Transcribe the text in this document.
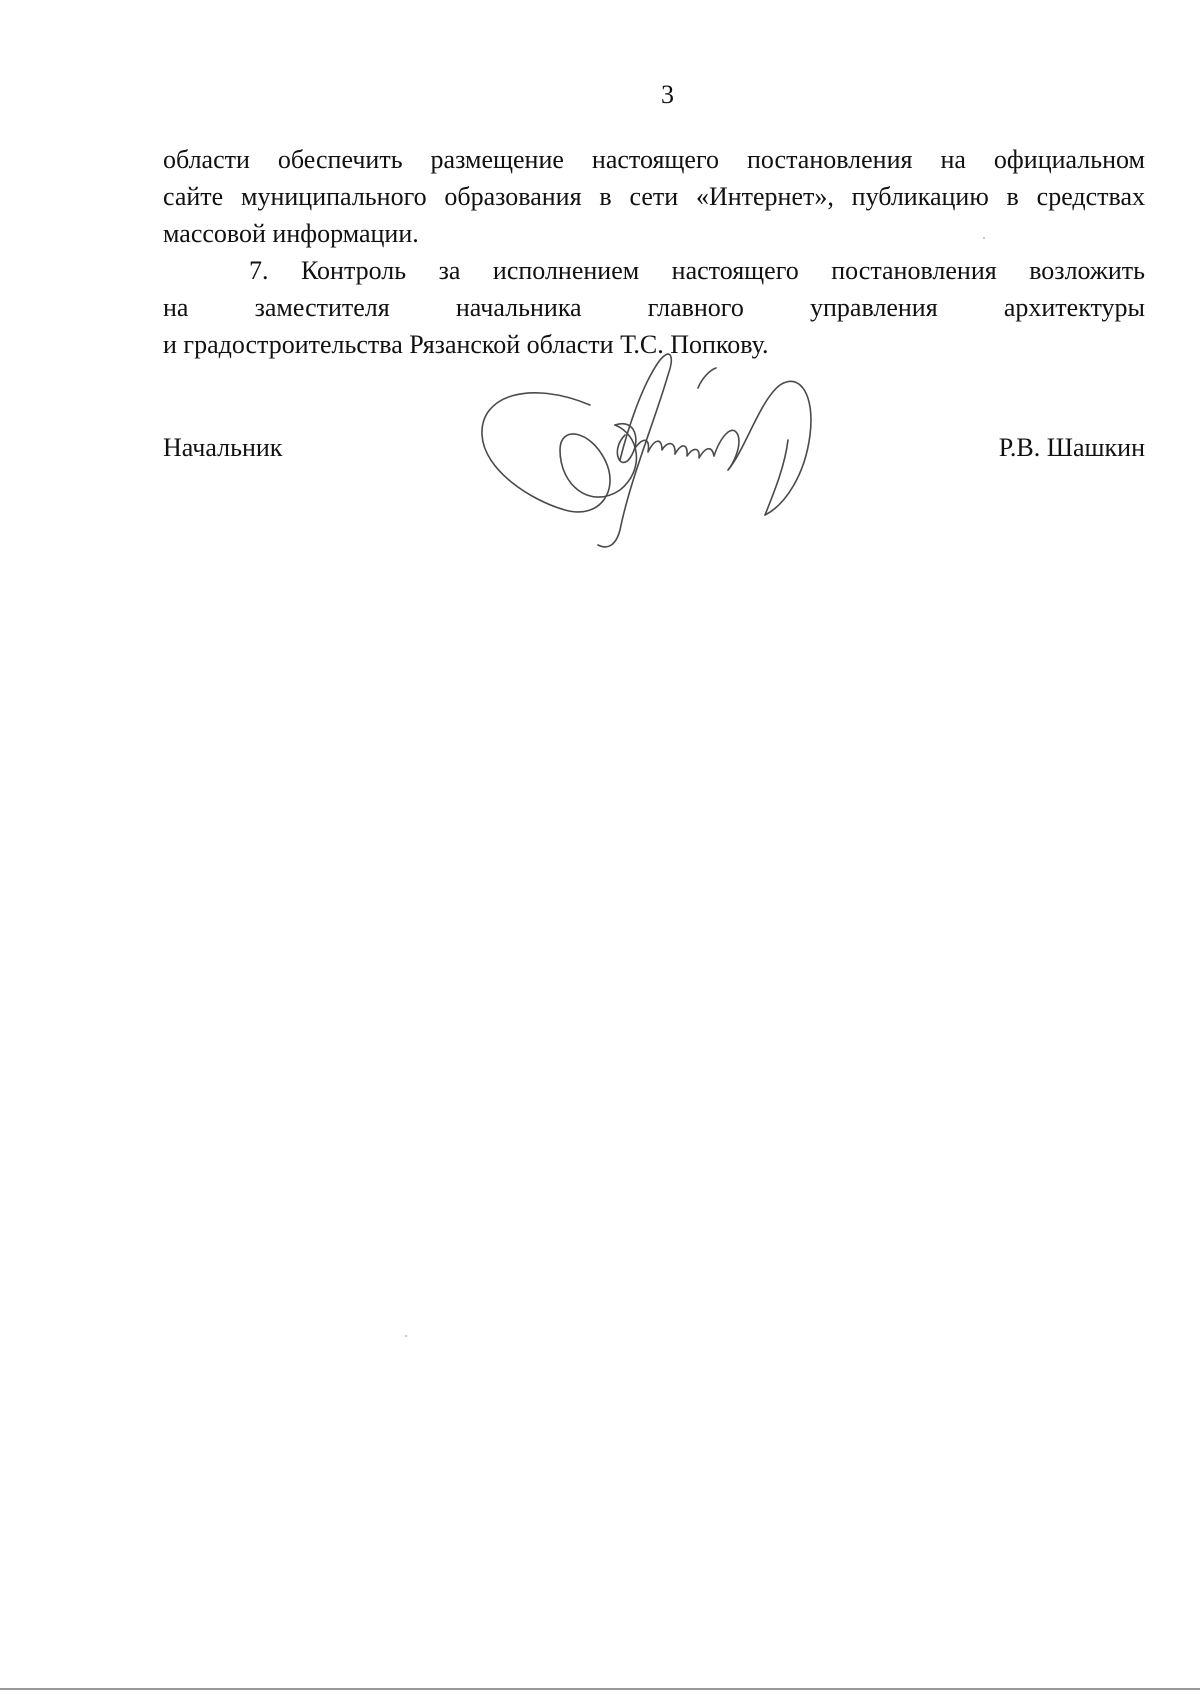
3
области обеспечить размещение настоящего постановления на официальном
сайте муниципального образования в сети «Интернет», публикацию в средствах
массовой информации.
7. Контроль за исполнением настоящего постановления возложить
на заместителя начальника главного управления архитектуры
и градостроительства Рязанской области Т.С. Попкову.
Начальник	Р.В. Шашкин
